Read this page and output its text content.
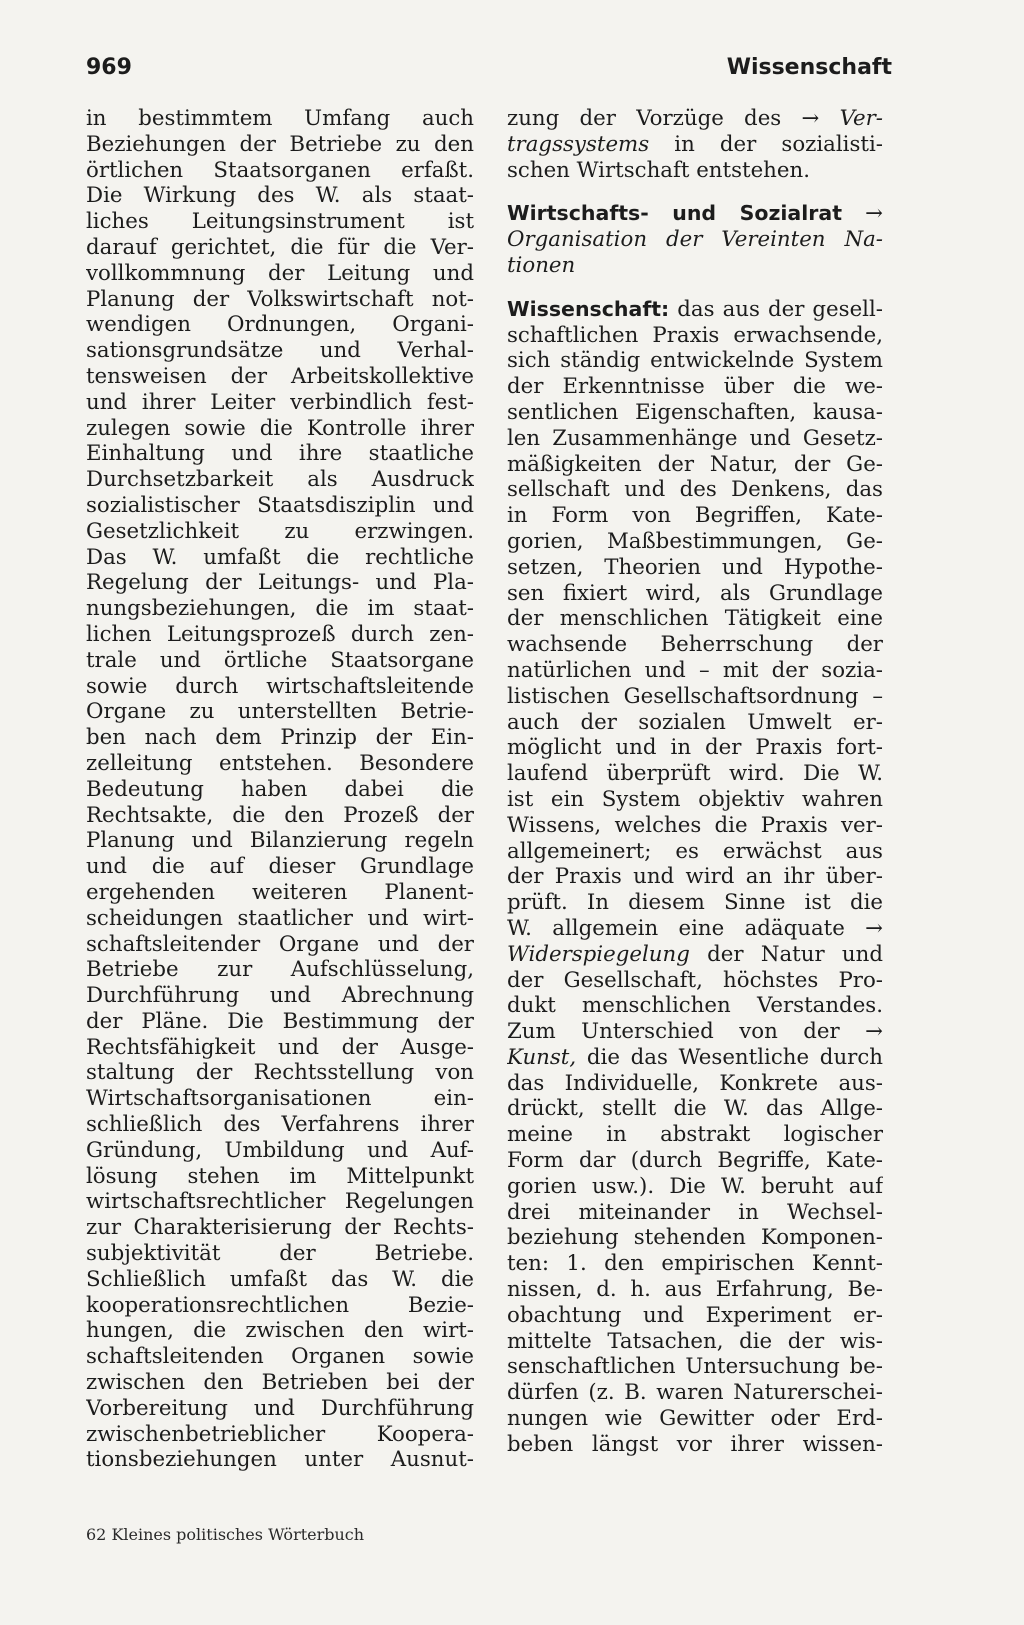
969	Wissenschaft
in bestimmtem Umfang auch
Beziehungen der Betriebe zu den
örtlichen Staatsorganen erfaßt.
Die Wirkung des W. als staat-
liches Leitungsinstrument ist
darauf gerichtet, die für die Ver-
vollkommnung der Leitung und
Planung der Volkswirtschaft not-
wendigen Ordnungen, Organi-
sationsgrundsätze und Verhal-
tensweisen der Arbeitskollektive
und ihrer Leiter verbindlich fest-
zulegen sowie die Kontrolle ihrer
Einhaltung und ihre staatliche
Durchsetzbarkeit als Ausdruck
sozialistischer Staatsdisziplin und
Gesetzlichkeit zu erzwingen.
Das W. umfaßt die rechtliche
Regelung der Leitungs- und Pla-
nungsbeziehungen, die im staat-
lichen Leitungsprozeß durch zen-
trale und örtliche Staatsorgane
sowie durch wirtschaftsleitende
Organe zu unterstellten Betrie-
ben nach dem Prinzip der Ein-
zelleitung entstehen. Besondere
Bedeutung haben dabei die
Rechtsakte, die den Prozeß der
Planung und Bilanzierung regeln
und die auf dieser Grundlage
ergehenden weiteren Planent-
scheidungen staatlicher und wirt-
schaftsleitender Organe und der
Betriebe zur Aufschlüsselung,
Durchführung und Abrechnung
der Pläne. Die Bestimmung der
Rechtsfähigkeit und der Ausge-
staltung der Rechtsstellung von
Wirtschaftsorganisationen ein-
schließlich des Verfahrens ihrer
Gründung, Umbildung und Auf-
lösung stehen im Mittelpunkt
wirtschaftsrechtlicher Regelungen
zur Charakterisierung der Rechts-
subjektivität der Betriebe.
Schließlich umfaßt das W. die
kooperationsrechtlichen Bezie-
hungen, die zwischen den wirt-
schaftsleitenden Organen sowie
zwischen den Betrieben bei der
Vorbereitung und Durchführung
zwischenbetrieblicher Koopera-
tionsbeziehungen unter Ausnut-
zung der Vorzüge des → Ver-
tragssystems in der sozialisti-
schen Wirtschaft entstehen.
Wirtschafts- und Sozialrat →
Organisation der Vereinten Na-
tionen
Wissenschaft: das aus der gesell-
schaftlichen Praxis erwachsende,
sich ständig entwickelnde System
der Erkenntnisse über die we-
sentlichen Eigenschaften, kausa-
len Zusammenhänge und Gesetz-
mäßigkeiten der Natur, der Ge-
sellschaft und des Denkens, das
in Form von Begriffen, Kate-
gorien, Maßbestimmungen, Ge-
setzen, Theorien und Hypothe-
sen fixiert wird, als Grundlage
der menschlichen Tätigkeit eine
wachsende Beherrschung der
natürlichen und – mit der sozia-
listischen Gesellschaftsordnung –
auch der sozialen Umwelt er-
möglicht und in der Praxis fort-
laufend überprüft wird. Die W.
ist ein System objektiv wahren
Wissens, welches die Praxis ver-
allgemeinert; es erwächst aus
der Praxis und wird an ihr über-
prüft. In diesem Sinne ist die
W. allgemein eine adäquate →
Widerspiegelung der Natur und
der Gesellschaft, höchstes Pro-
dukt menschlichen Verstandes.
Zum Unterschied von der →
Kunst, die das Wesentliche durch
das Individuelle, Konkrete aus-
drückt, stellt die W. das Allge-
meine in abstrakt logischer
Form dar (durch Begriffe, Kate-
gorien usw.). Die W. beruht auf
drei miteinander in Wechsel-
beziehung stehenden Komponen-
ten: 1. den empirischen Kennt-
nissen, d. h. aus Erfahrung, Be-
obachtung und Experiment er-
mittelte Tatsachen, die der wis-
senschaftlichen Untersuchung be-
dürfen (z. B. waren Naturerschei-
nungen wie Gewitter oder Erd-
beben längst vor ihrer wissen-
62 Kleines politisches Wörterbuch
